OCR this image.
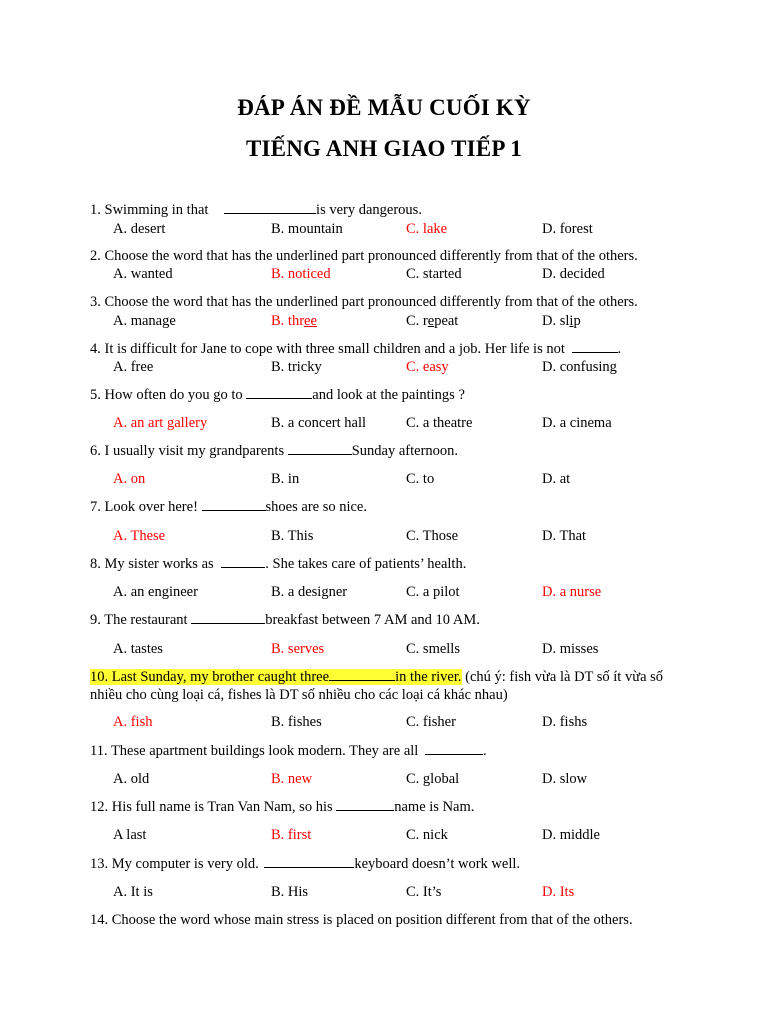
ĐÁP ÁN ĐỀ MẪU CUỐI KỲ
TIẾNG ANH GIAO TIẾP 1
1. Swimming in that	is very dangerous.
A. desert	B. mountain	C. lake	D. forest
2. Choose the word that has the underlined part pronounced differently from that of the others.
A. wanted	B. noticed	C. started	D. decided
3. Choose the word that has the underlined part pronounced differently from that of the others.
A. manage	B. three	C. repeat	D. slip
4. It is difficult for Jane to cope with three small children and a job. Her life is not	.
A. free	B. tricky	C. easy	D. confusing
5. How often do you go to	and look at the paintings ?
A. an art gallery	B. a concert hall	C. a theatre	D. a cinema
6. I usually visit my grandparents	Sunday afternoon.
A. on	B. in	C. to	D. at
7. Look over here!	shoes are so nice.
A. These	B. This	C. Those	D. That
8. My sister works as	. She takes care of patients’ health.
A. an engineer	B. a designer	C. a pilot	D. a nurse
9. The restaurant	breakfast between 7 AM and 10 AM.
A. tastes	B. serves	C. smells	D. misses
10. Last Sunday, my brother caught three	in the river. (chú ý: fish vừa là DT số ít vừa số nhiều cho cùng loại cá, fishes là DT số nhiều cho các loại cá khác nhau)
A. fish	B. fishes	C. fisher	D. fishs
11. These apartment buildings look modern. They are all	.
A. old	B. new	C. global	D. slow
12. His full name is Tran Van Nam, so his	name is Nam.
A last	B. first	C. nick	D. middle
13. My computer is very old.	keyboard doesn’t work well.
A. It is	B. His	C. It’s	D. Its
14. Choose the word whose main stress is placed on position different from that of the others.
